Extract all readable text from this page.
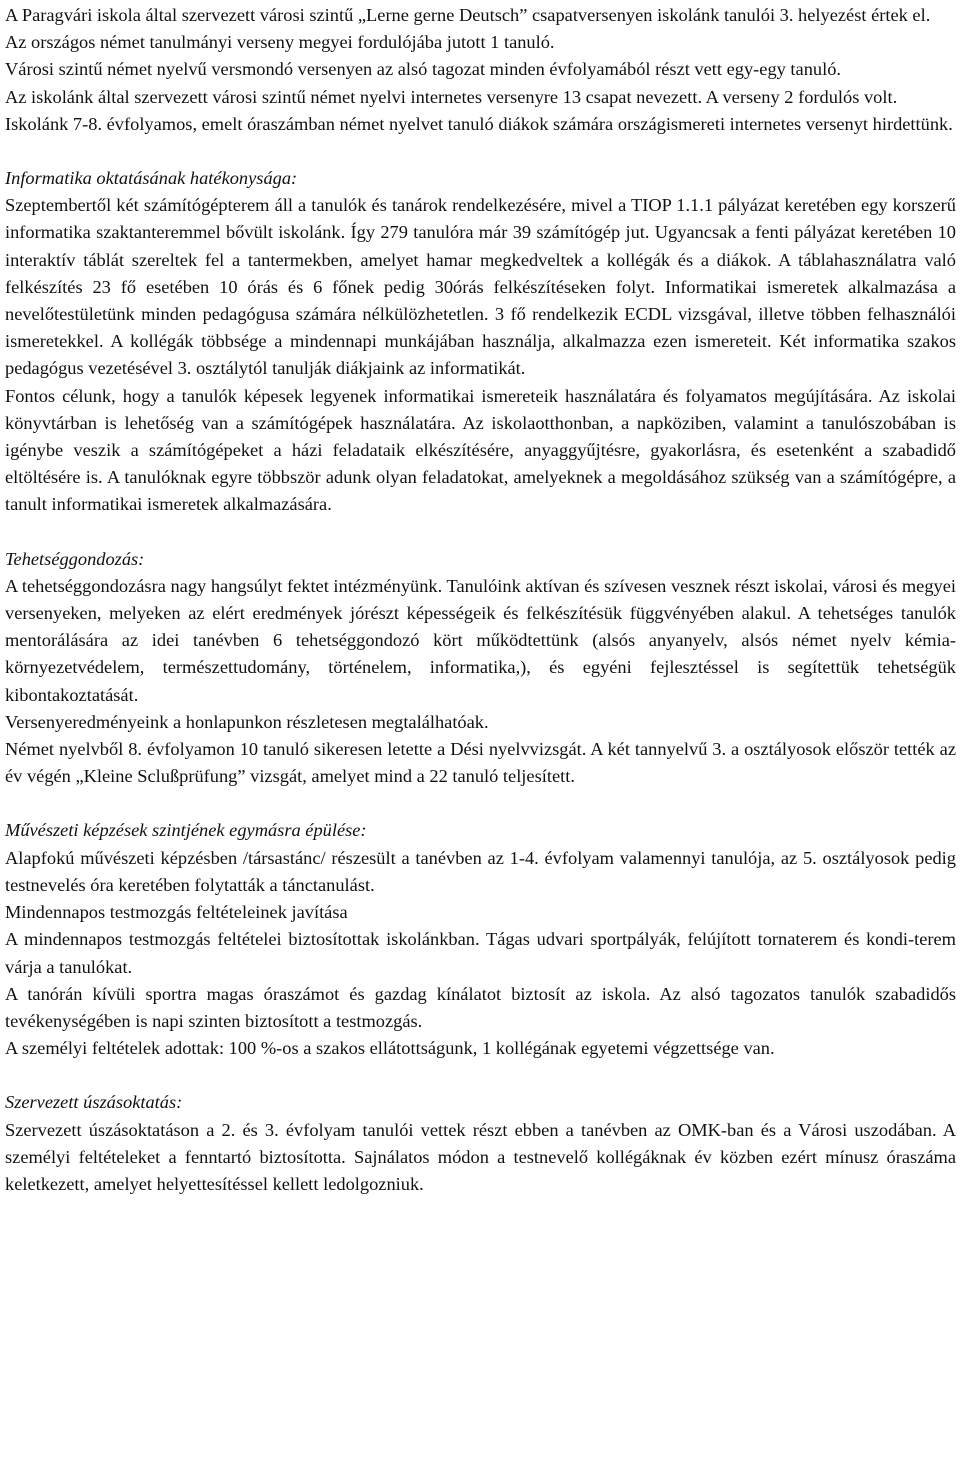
A Paragvári iskola által szervezett városi szintű „Lerne gerne Deutsch” csapatversenyen iskolánk tanulói 3. helyezést értek el.

Az országos német tanulmányi verseny megyei fordulójába jutott 1 tanuló.

Városi szintű német nyelvű versmondó versenyen az alsó tagozat minden évfolyamából részt vett egy-egy tanuló.

Az iskolánk által szervezett városi szintű német nyelvi internetes versenyre 13 csapat nevezett. A verseny 2 fordulós volt.

Iskolánk 7-8. évfolyamos, emelt óraszámban német nyelvet tanuló diákok számára országismereti internetes versenyt hirdettünk.

Informatika oktatásának hatékonysága:

Szeptembertől két számítógépterem áll a tanulók és tanárok rendelkezésére, mivel a TIOP 1.1.1 pályázat keretében egy korszerű informatika szaktanteremmel bővült iskolánk. Így 279 tanulóra már 39 számítógép jut. Ugyancsak a fenti pályázat keretében 10 interaktív táblát szereltek fel a tantermekben, amelyet hamar megkedveltek a kollégák és a diákok. A táblahasználatra való felkészítés 23 fő esetében 10 órás és 6 főnek pedig 30órás felkészítéseken folyt. Informatikai ismeretek alkalmazása a nevelőtestületünk minden pedagógusa számára nélkülözhetetlen. 3 fő rendelkezik ECDL vizsgával, illetve többen felhasználói ismeretekkel. A kollégák többsége a mindennapi munkájában használja, alkalmazza ezen ismereteit. Két informatika szakos pedagógus vezetésével 3. osztálytól tanulják diákjaink az informatikát.

Fontos célunk, hogy a tanulók képesek legyenek informatikai ismereteik használatára és folyamatos megújítására. Az iskolai könyvtárban is lehetőség van a számítógépek használatára. Az iskolaotthonban, a napköziben, valamint a tanulószobában is igénybe veszik a számítógépeket a házi feladataik elkészítésére, anyaggyűjtésre, gyakorlásra, és esetenként a szabadidő eltöltésére is. A tanulóknak egyre többször adunk olyan feladatokat, amelyeknek a megoldásához szükség van a számítógépre, a tanult informatikai ismeretek alkalmazására.

Tehetséggondozás:

A tehetséggondozásra nagy hangsúlyt fektet intézményünk. Tanulóink aktívan és szívesen vesznek részt iskolai, városi és megyei versenyeken, melyeken az elért eredmények jórészt képességeik és felkészítésük függvényében alakul. A tehetséges tanulók mentorálására az idei tanévben 6 tehetséggondozó kört működtettünk (alsós anyanyelv, alsós német nyelv kémia-környezetvédelem, természettudomány, történelem, informatika,), és egyéni fejlesztéssel is segítettük tehetségük kibontakoztatását.

Versenyeredményeink a honlapunkon részletesen megtalálhatóak.

Német nyelvből 8. évfolyamon 10 tanuló sikeresen letette a Dési nyelvvizsgát. A két tannyelvű 3. a osztályosok először tették az év végén „Kleine Sclußprüfung” vizsgát, amelyet mind a 22 tanuló teljesített.

Művészeti képzések szintjének egymásra épülése:

Alapfokú művészeti képzésben /társastánc/ részesült a tanévben az 1-4. évfolyam valamennyi tanulója, az 5. osztályosok pedig testnevelés óra keretében folytatták a tánctanulást.

Mindennapos testmozgás feltételeinek javítása

A mindennapos testmozgás feltételei biztosítottak iskolánkban. Tágas udvari sportpályák, felújított tornaterem és kondi-terem várja a tanulókat.

A tanórán kívüli sportra magas óraszámot és gazdag kínálatot biztosít az iskola. Az alsó tagozatos tanulók szabadidős tevékenységében is napi szinten biztosított a testmozgás.

A személyi feltételek adottak: 100 %-os a szakos ellátottságunk, 1 kollégának egyetemi végzettsége van.

Szervezett úszásoktatás:

Szervezett úszásoktatáson a 2. és 3. évfolyam tanulói vettek részt ebben a tanévben az OMK-ban és a Városi uszodában. A személyi feltételeket a fenntartó biztosította. Sajnálatos módon a testnevelő kollégáknak év közben ezért mínusz óraszáma keletkezett, amelyet helyettesítéssel kellett ledolgozniuk.
